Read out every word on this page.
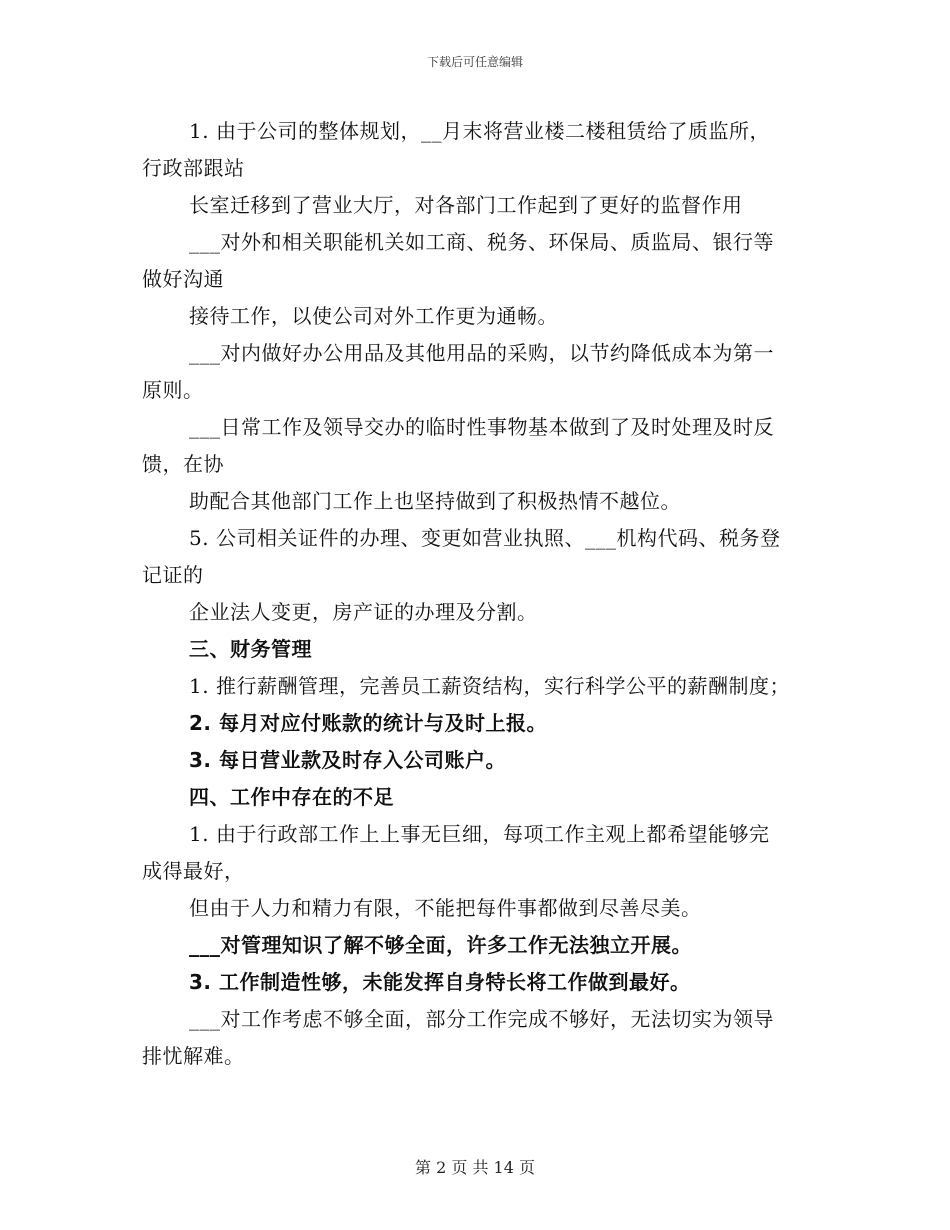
下载后可任意编辑

1. 由于公司的整体规划，__月末将营业楼二楼租赁给了质监所，

行政部跟站

长室迁移到了营业大厅，对各部门工作起到了更好的监督作用

___对外和相关职能机关如工商、税务、环保局、质监局、银行等

做好沟通

接待工作，以使公司对外工作更为通畅。

___对内做好办公用品及其他用品的采购，以节约降低成本为第一

原则。

___日常工作及领导交办的临时性事物基本做到了及时处理及时反

馈，在协

助配合其他部门工作上也坚持做到了积极热情不越位。

5. 公司相关证件的办理、变更如营业执照、___机构代码、税务登

记证的

企业法人变更，房产证的办理及分割。

三、财务管理

1. 推行薪酬管理，完善员工薪资结构，实行科学公平的薪酬制度；

2. 每月对应付账款的统计与及时上报。

3. 每日营业款及时存入公司账户。

四、工作中存在的不足

1. 由于行政部工作上上事无巨细，每项工作主观上都希望能够完

成得最好，

但由于人力和精力有限，不能把每件事都做到尽善尽美。

___对管理知识了解不够全面，许多工作无法独立开展。

3. 工作制造性够，未能发挥自身特长将工作做到最好。

___对工作考虑不够全面，部分工作完成不够好，无法切实为领导

排忧解难。

第 2 页 共 14 页
